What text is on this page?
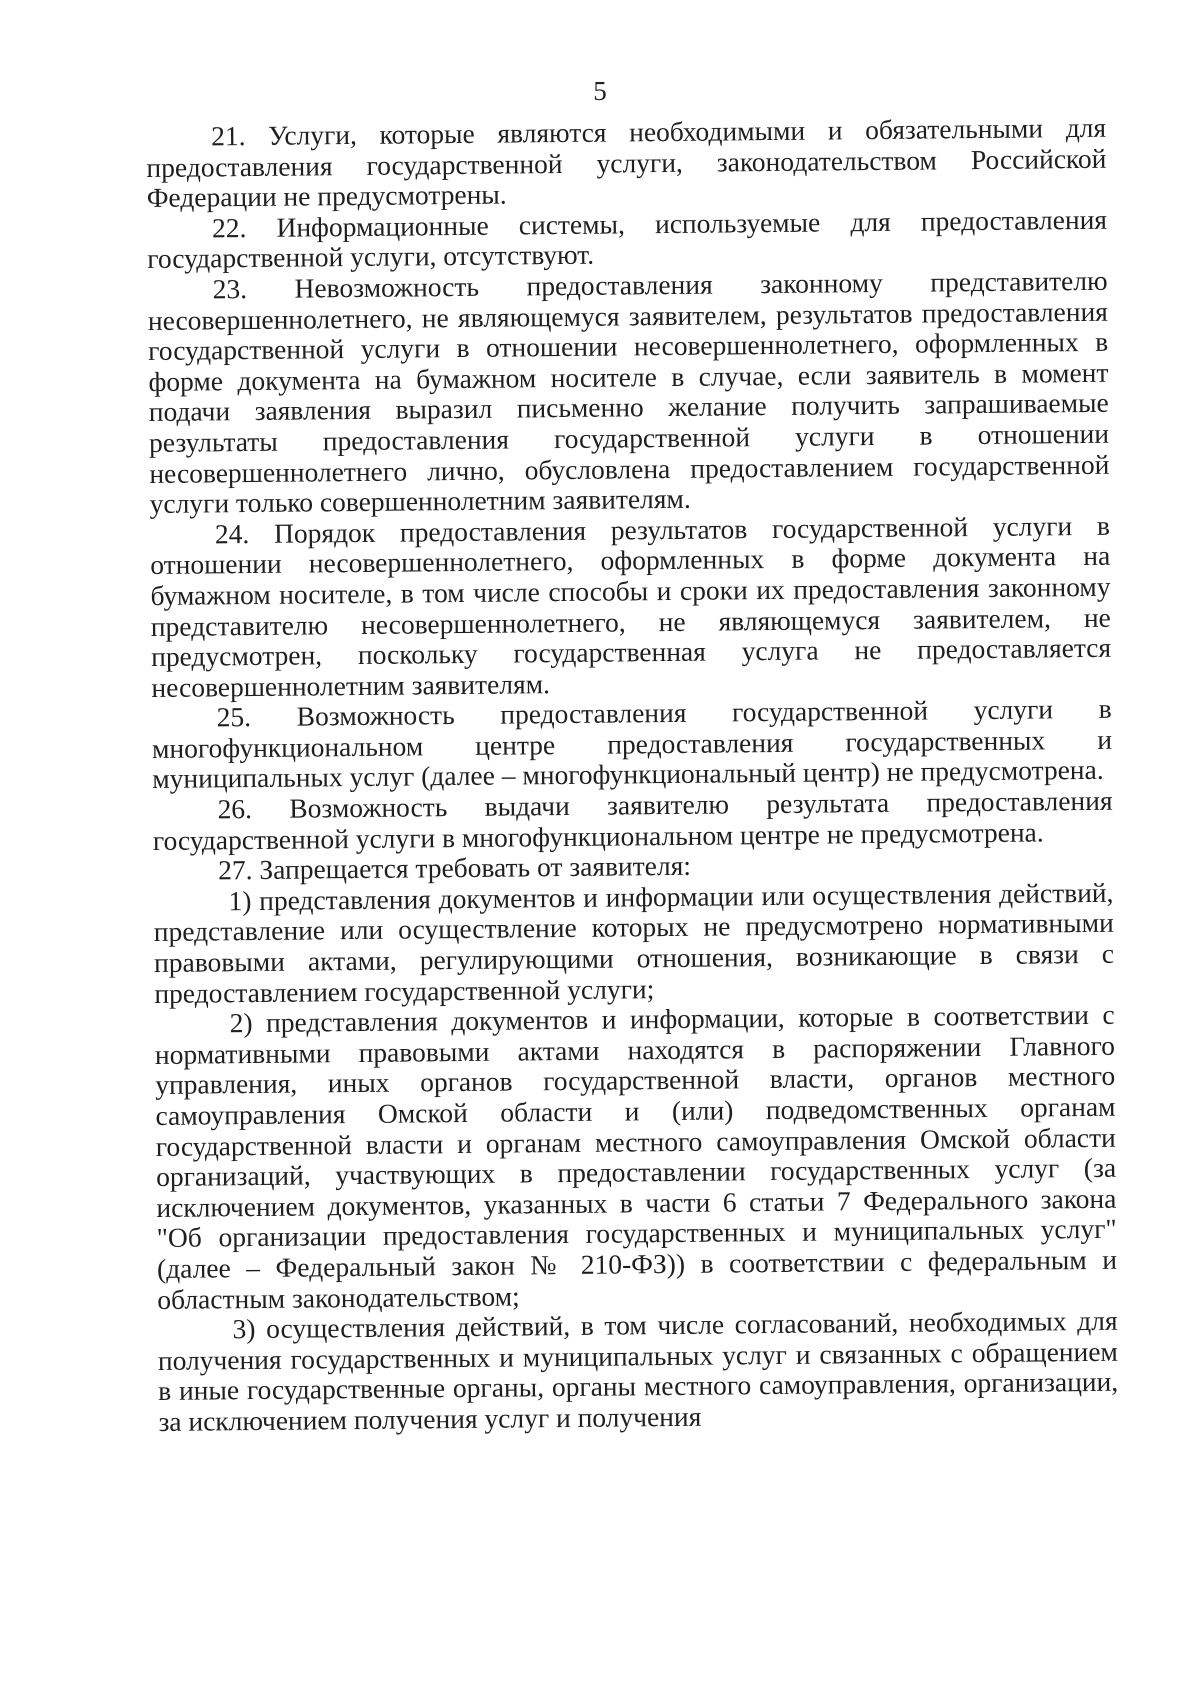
5

21. Услуги, которые являются необходимыми и обязательными для предоставления государственной услуги, законодательством Российской Федерации не предусмотрены.

22. Информационные системы, используемые для предоставления государственной услуги, отсутствуют.

23. Невозможность предоставления законному представителю несовершеннолетнего, не являющемуся заявителем, результатов предоставления государственной услуги в отношении несовершеннолетнего, оформленных в форме документа на бумажном носителе в случае, если заявитель в момент подачи заявления выразил письменно желание получить запрашиваемые результаты предоставления государственной услуги в отношении несовершеннолетнего лично, обусловлена предоставлением государственной услуги только совершеннолетним заявителям.

24. Порядок предоставления результатов государственной услуги в отношении несовершеннолетнего, оформленных в форме документа на бумажном носителе, в том числе способы и сроки их предоставления законному представителю несовершеннолетнего, не являющемуся заявителем, не предусмотрен, поскольку государственная услуга не предоставляется несовершеннолетним заявителям.

25. Возможность предоставления государственной услуги в многофункциональном центре предоставления государственных и муниципальных услуг (далее – многофункциональный центр) не предусмотрена.

26. Возможность выдачи заявителю результата предоставления государственной услуги в многофункциональном центре не предусмотрена.

27. Запрещается требовать от заявителя:

1) представления документов и информации или осуществления действий, представление или осуществление которых не предусмотрено нормативными правовыми актами, регулирующими отношения, возникающие в связи с предоставлением государственной услуги;

2) представления документов и информации, которые в соответствии с нормативными правовыми актами находятся в распоряжении Главного управления, иных органов государственной власти, органов местного самоуправления Омской области и (или) подведомственных органам государственной власти и органам местного самоуправления Омской области организаций, участвующих в предоставлении государственных услуг (за исключением документов, указанных в части 6 статьи 7 Федерального закона "Об организации предоставления государственных и муниципальных услуг" (далее – Федеральный закон № 210-ФЗ)) в соответствии с федеральным и областным законодательством;

3) осуществления действий, в том числе согласований, необходимых для получения государственных и муниципальных услуг и связанных с обращением в иные государственные органы, органы местного самоуправления, организации, за исключением получения услуг и получения
